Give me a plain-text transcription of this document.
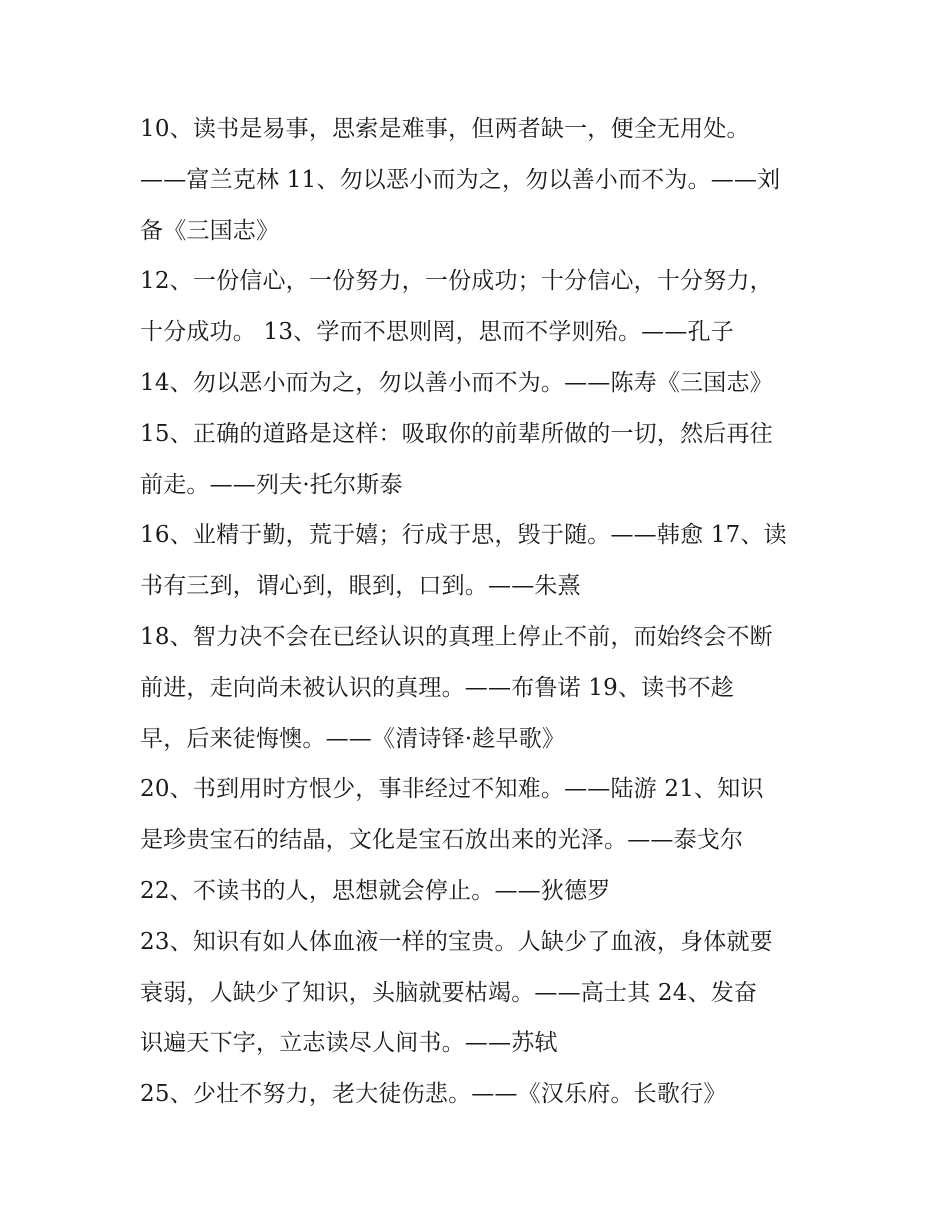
10、读书是易事，思索是难事，但两者缺一，便全无用处。
——富兰克林 11、勿以恶小而为之，勿以善小而不为。——刘
备《三国志》
12、一份信心，一份努力，一份成功；十分信心，十分努力，
十分成功。 13、学而不思则罔，思而不学则殆。——孔子
14、勿以恶小而为之，勿以善小而不为。——陈寿《三国志》
15、正确的道路是这样：吸取你的前辈所做的一切，然后再往
前走。——列夫·托尔斯泰
16、业精于勤，荒于嬉；行成于思，毁于随。——韩愈 17、读
书有三到，谓心到，眼到，口到。——朱熹
18、智力决不会在已经认识的真理上停止不前，而始终会不断
前进，走向尚未被认识的真理。——布鲁诺 19、读书不趁
早，后来徒悔懊。——《清诗铎·趁早歌》
20、书到用时方恨少，事非经过不知难。——陆游 21、知识
是珍贵宝石的结晶，文化是宝石放出来的光泽。——泰戈尔
22、不读书的人，思想就会停止。——狄德罗
23、知识有如人体血液一样的宝贵。人缺少了血液，身体就要
衰弱，人缺少了知识，头脑就要枯竭。——高士其 24、发奋
识遍天下字，立志读尽人间书。——苏轼
25、少壮不努力，老大徒伤悲。——《汉乐府。长歌行》
